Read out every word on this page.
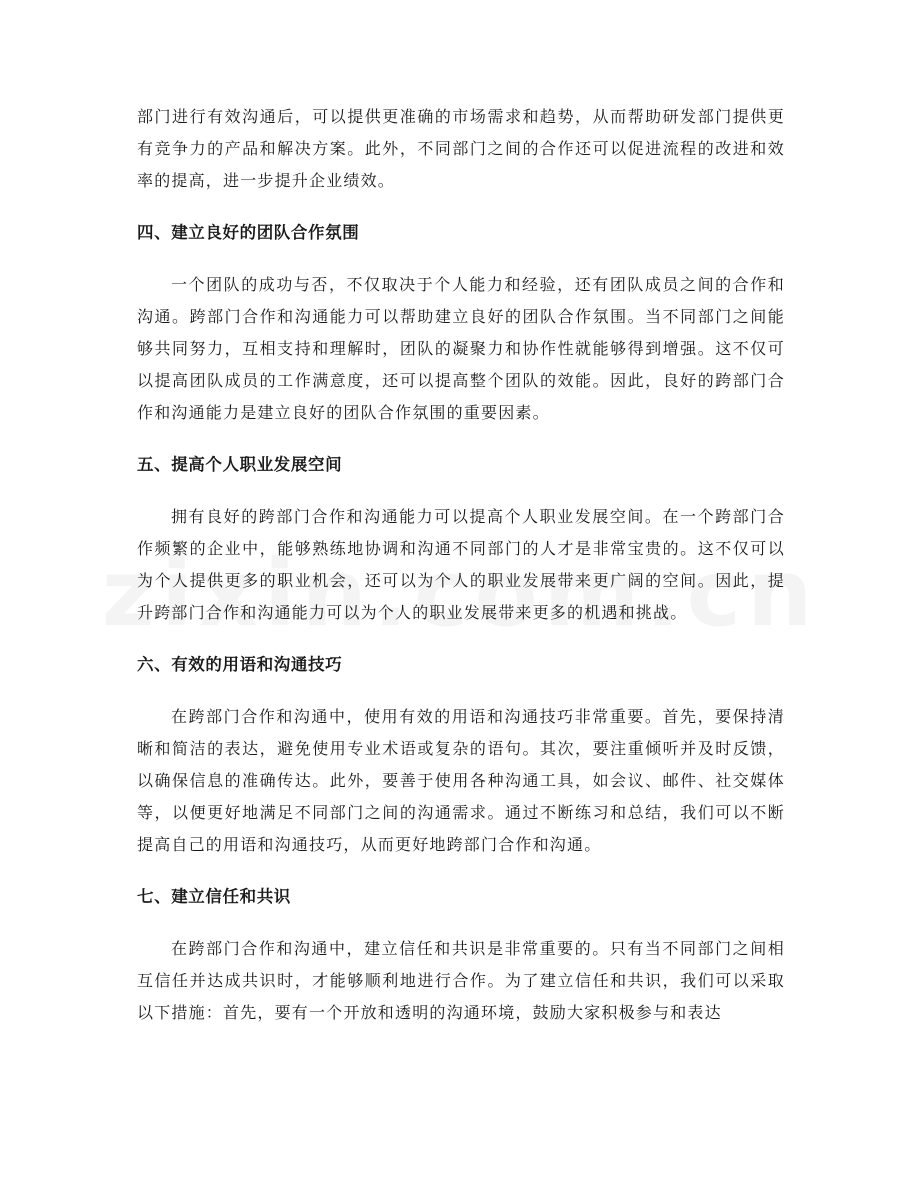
部门进行有效沟通后，可以提供更准确的市场需求和趋势，从而帮助研发部门提供更有竞争力的产品和解决方案。此外，不同部门之间的合作还可以促进流程的改进和效率的提高，进一步提升企业绩效。

四、建立良好的团队合作氛围

一个团队的成功与否，不仅取决于个人能力和经验，还有团队成员之间的合作和沟通。跨部门合作和沟通能力可以帮助建立良好的团队合作氛围。当不同部门之间能够共同努力，互相支持和理解时，团队的凝聚力和协作性就能够得到增强。这不仅可以提高团队成员的工作满意度，还可以提高整个团队的效能。因此，良好的跨部门合作和沟通能力是建立良好的团队合作氛围的重要因素。

五、提高个人职业发展空间

拥有良好的跨部门合作和沟通能力可以提高个人职业发展空间。在一个跨部门合作频繁的企业中，能够熟练地协调和沟通不同部门的人才是非常宝贵的。这不仅可以为个人提供更多的职业机会，还可以为个人的职业发展带来更广阔的空间。因此，提升跨部门合作和沟通能力可以为个人的职业发展带来更多的机遇和挑战。

六、有效的用语和沟通技巧

在跨部门合作和沟通中，使用有效的用语和沟通技巧非常重要。首先，要保持清晰和简洁的表达，避免使用专业术语或复杂的语句。其次，要注重倾听并及时反馈，以确保信息的准确传达。此外，要善于使用各种沟通工具，如会议、邮件、社交媒体等，以便更好地满足不同部门之间的沟通需求。通过不断练习和总结，我们可以不断提高自己的用语和沟通技巧，从而更好地跨部门合作和沟通。

七、建立信任和共识

在跨部门合作和沟通中，建立信任和共识是非常重要的。只有当不同部门之间相互信任并达成共识时，才能够顺利地进行合作。为了建立信任和共识，我们可以采取以下措施：首先，要有一个开放和透明的沟通环境，鼓励大家积极参与和表达
